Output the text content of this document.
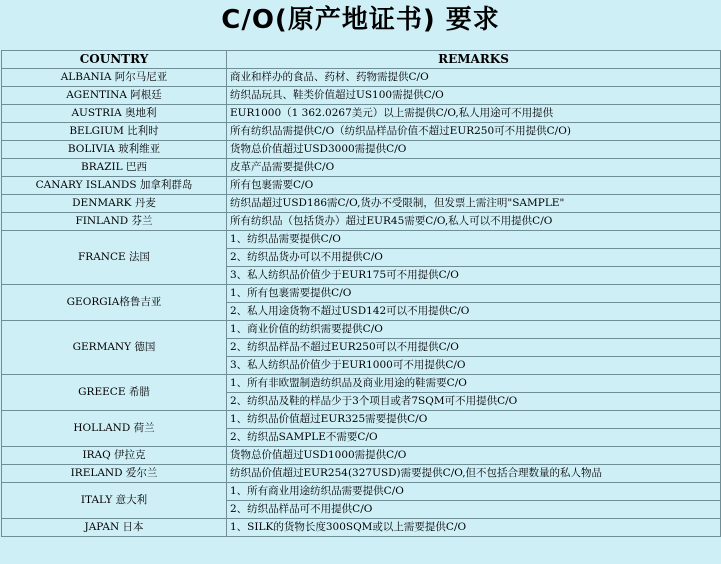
C/O(原产地证书) 要求
COUNTRY	REMARKS
ALBANIA 阿尔马尼亚	商业和样办的食品、药材、药物需提供C/O
AGENTINA 阿根廷	纺织品玩具、鞋类价值超过US100需提供C/O
AUSTRIA 奥地利	EUR1000（1 362.0267美元）以上需提供C/O,私人用途可不用提供
BELGIUM 比利时	所有纺织品需提供C/O（纺织品样品价值不超过EUR250可不用提供C/O)
BOLIVIA 玻利维亚	货物总价值超过USD3000需提供C/O
BRAZIL 巴西	皮革产品需要提供C/O
CANARY ISLANDS 加拿利群岛	所有包裹需要C/O
DENMARK 丹麦	纺织品超过USD186需C/O,货办不受限制，但发票上需注明"SAMPLE"
FINLAND 芬兰	所有纺织品（包括货办）超过EUR45需要C/O,私人可以不用提供C/O
FRANCE 法国	1、纺织品需要提供C/O
	2、纺织品货办可以不用提供C/O
	3、私人纺织品价值少于EUR175可不用提供C/O
GEORGIA格鲁吉亚	1、所有包裹需要提供C/O
	2、私人用途货物不超过USD142可以不用提供C/O
GERMANY 德国	1、商业价值的纺织需要提供C/O
	2、纺织品样品不超过EUR250可以不用提供C/O
	3、私人纺织品价值少于EUR1000可不用提供C/O
GREECE 希腊	1、所有非欧盟制造纺织品及商业用途的鞋需要C/O
	2、纺织品及鞋的样品少于3个项目或者7SQM可不用提供C/O
HOLLAND 荷兰	1、纺织品价值超过EUR325需要提供C/O
	2、纺织品SAMPLE不需要C/O
IRAQ 伊拉克	货物总价值超过USD1000需提供C/O
IRELAND 爱尔兰	纺织品价值超过EUR254(327USD)需要提供C/O,但不包括合理数量的私人物品
ITALY 意大利	1、所有商业用途纺织品需要提供C/O
	2、纺织品样品可不用提供C/O
JAPAN 日本	1、SILK的货物长度300SQM或以上需要提供C/O
